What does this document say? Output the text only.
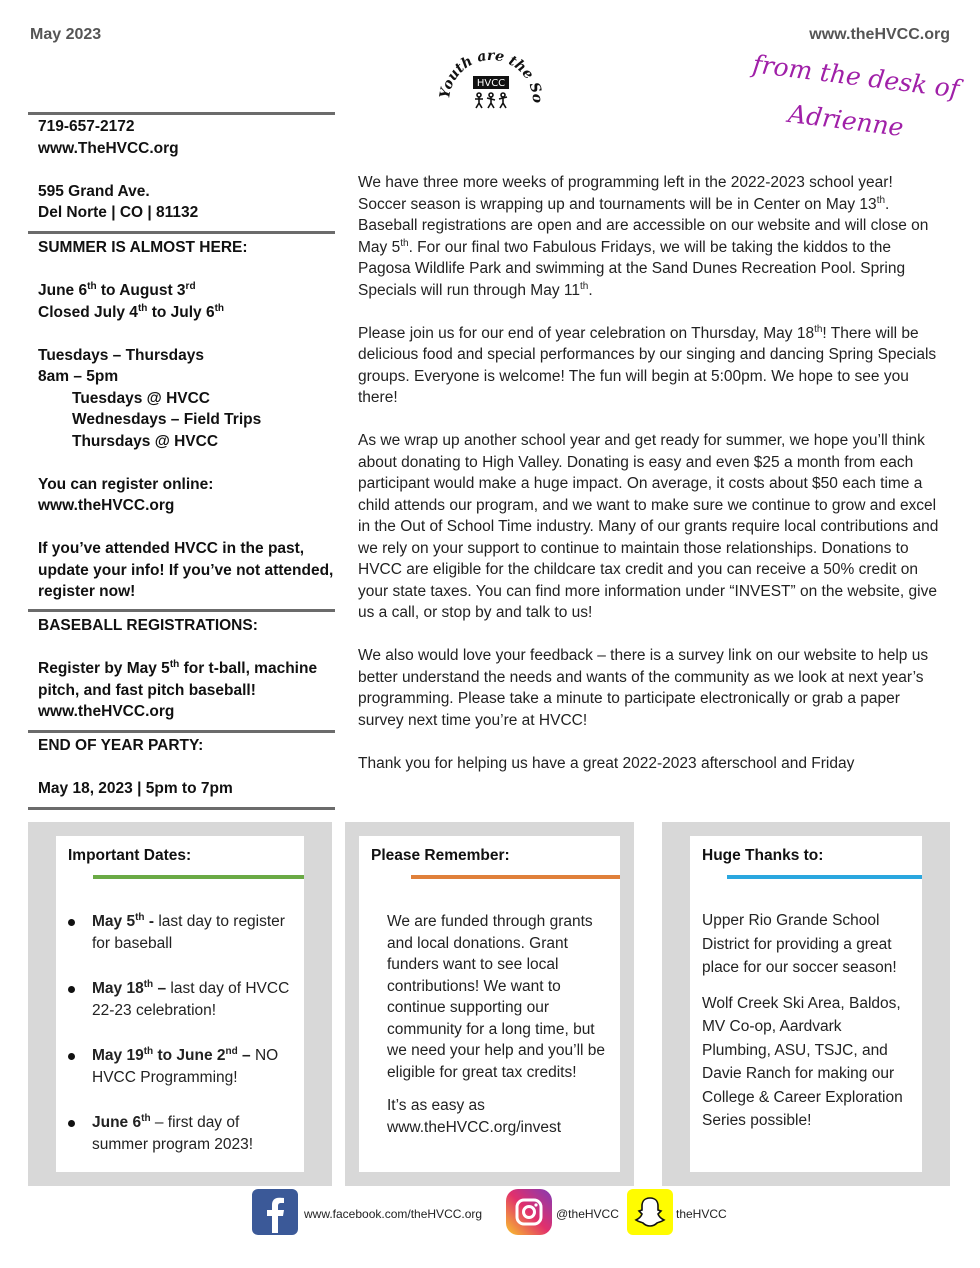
May 2023	www.theHVCC.org
Youth are the So
HVCC	from the desk of
Adrienne
719-657-2172
www.TheHVCC.org
595 Grand Ave.
Del Norte | CO | 81132
SUMMER IS ALMOST HERE:
June 6th to August 3rd
Closed July 4th to July 6th
Tuesdays – Thursdays
8am – 5pm
Tuesdays @ HVCC
Wednesdays – Field Trips
Thursdays @ HVCC
You can register online:
www.theHVCC.org
If you’ve attended HVCC in the past, update your info! If you’ve not attended, register now!
BASEBALL REGISTRATIONS:
Register by May 5th for t-ball, machine pitch, and fast pitch baseball!
www.theHVCC.org
END OF YEAR PARTY:
May 18, 2023 | 5pm to 7pm

We have three more weeks of programming left in the 2022-2023 school year! Soccer season is wrapping up and tournaments will be in Center on May 13th. Baseball registrations are open and are accessible on our website and will close on May 5th. For our final two Fabulous Fridays, we will be taking the kiddos to the Pagosa Wildlife Park and swimming at the Sand Dunes Recreation Pool. Spring Specials will run through May 11th.

Please join us for our end of year celebration on Thursday, May 18th! There will be delicious food and special performances by our singing and dancing Spring Specials groups. Everyone is welcome! The fun will begin at 5:00pm. We hope to see you there!

As we wrap up another school year and get ready for summer, we hope you’ll think about donating to High Valley. Donating is easy and even $25 a month from each participant would make a huge impact. On average, it costs about $50 each time a child attends our program, and we want to make sure we continue to grow and excel in the Out of School Time industry. Many of our grants require local contributions and we rely on your support to continue to maintain those relationships. Donations to HVCC are eligible for the childcare tax credit and you can receive a 50% credit on your state taxes. You can find more information under “INVEST” on the website, give us a call, or stop by and talk to us!

We also would love your feedback – there is a survey link on our website to help us better understand the needs and wants of the community as we look at next year’s programming. Please take a minute to participate electronically or grab a paper survey next time you’re at HVCC!

Thank you for helping us have a great 2022-2023 afterschool and Friday

Important Dates:
May 5th - last day to register for baseball
May 18th – last day of HVCC 22-23 celebration!
May 19th to June 2nd – NO HVCC Programming!
June 6th – first day of summer program 2023!
Please Remember:

We are funded through grants and local donations. Grant funders want to see local contributions! We want to continue supporting our community for a long time, but we need your help and you’ll be eligible for great tax credits!

It’s as easy as www.theHVCC.org/invest

Huge Thanks to:

Upper Rio Grande School District for providing a great place for our soccer season!

Wolf Creek Ski Area, Baldos, MV Co-op, Aardvark Plumbing, ASU, TSJC, and Davie Ranch for making our College & Career Exploration Series possible!

www.facebook.com/theHVCC.org	@theHVCC	theHVCC
